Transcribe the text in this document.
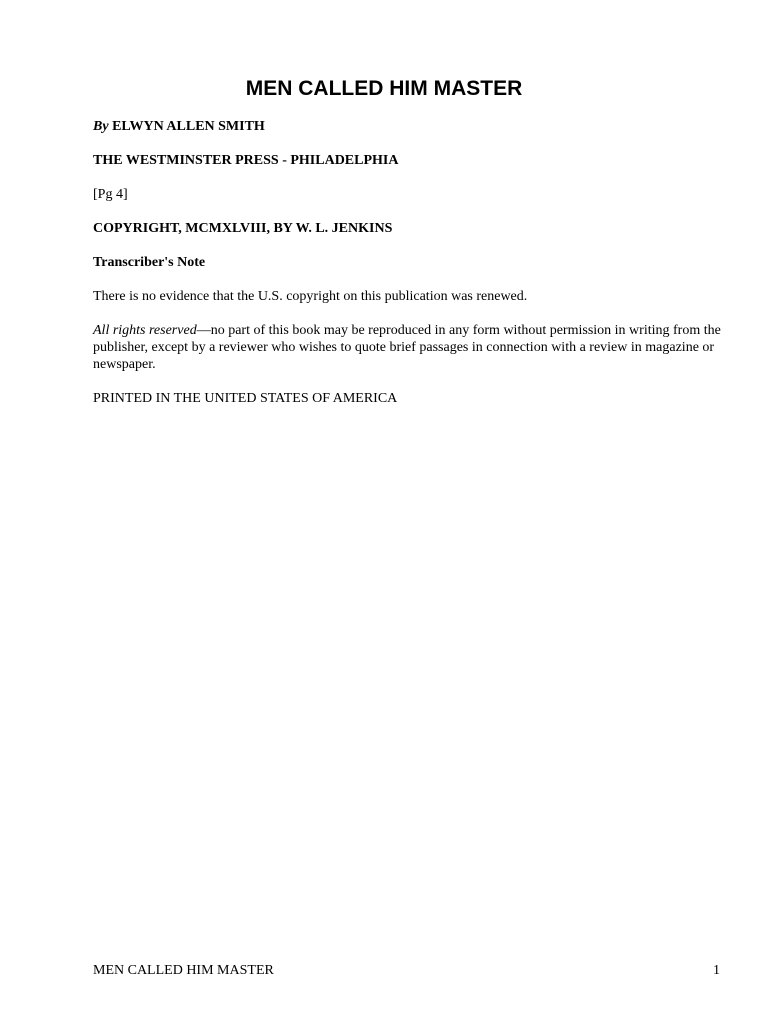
MEN CALLED HIM MASTER

By ELWYN ALLEN SMITH

THE WESTMINSTER PRESS - PHILADELPHIA

[Pg 4]

COPYRIGHT, MCMXLVIII, BY W. L. JENKINS

Transcriber's Note

There is no evidence that the U.S. copyright on this publication was renewed.

All rights reserved—no part of this book may be reproduced in any form without permission in writing from the publisher, except by a reviewer who wishes to quote brief passages in connection with a review in magazine or newspaper.

PRINTED IN THE UNITED STATES OF AMERICA

MEN CALLED HIM MASTER	1
